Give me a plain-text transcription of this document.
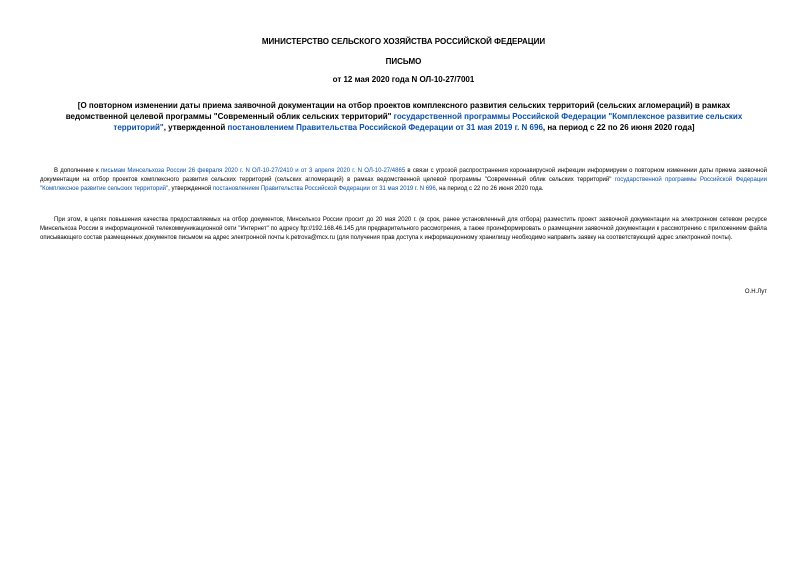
МИНИСТЕРСТВО СЕЛЬСКОГО ХОЗЯЙСТВА РОССИЙСКОЙ ФЕДЕРАЦИИ
ПИСЬМО
от 12 мая 2020 года N ОЛ-10-27/7001
[О повторном изменении даты приема заявочной документации на отбор проектов комплексного развития сельских территорий (сельских агломераций) в рамках ведомственной целевой программы "Современный облик сельских территорий" государственной программы Российской Федерации "Комплексное развитие сельских территорий", утвержденной постановлением Правительства Российской Федерации от 31 мая 2019 г. N 696, на период с 22 по 26 июня 2020 года]
В дополнение к письмам Минсельхоза России 26 февраля 2020 г. N ОЛ-10-27/2410 и от 3 апреля 2020 г. N ОЛ-10-27/4865 в связи с угрозой распространения коронавирусной инфекции информируем о повторном изменении даты приема заявочной документации на отбор проектов комплексного развития сельских территорий (сельских агломераций) в рамках ведомственной целевой программы "Современный облик сельских территорий" государственной программы Российской Федерации "Комплексное развитие сельских территорий", утвержденной постановлением Правительства Российской Федерации от 31 мая 2019 г. N 696, на период с 22 по 26 июня 2020 года.
При этом, в целях повышения качества предоставляемых на отбор документов, Минсельхоз России просит до 20 мая 2020 г. (в срок, ранее установленный для отбора) разместить проект заявочной документации на электронном сетевом ресурсе Минсельхоза России в информационной телекоммуникационной сети "Интернет" по адресу ftp://192.168.46.145 для предварительного рассмотрения, а также проинформировать о размещении заявочной документации к рассмотрению с приложением файла описывающего состав размещенных документов письмом на адрес электронной почты k.petrova@mcx.ru (для получения прав доступа к информационному хранилищу необходимо направить заявку на соответствующий адрес электронной почты).
О.Н.Лут
